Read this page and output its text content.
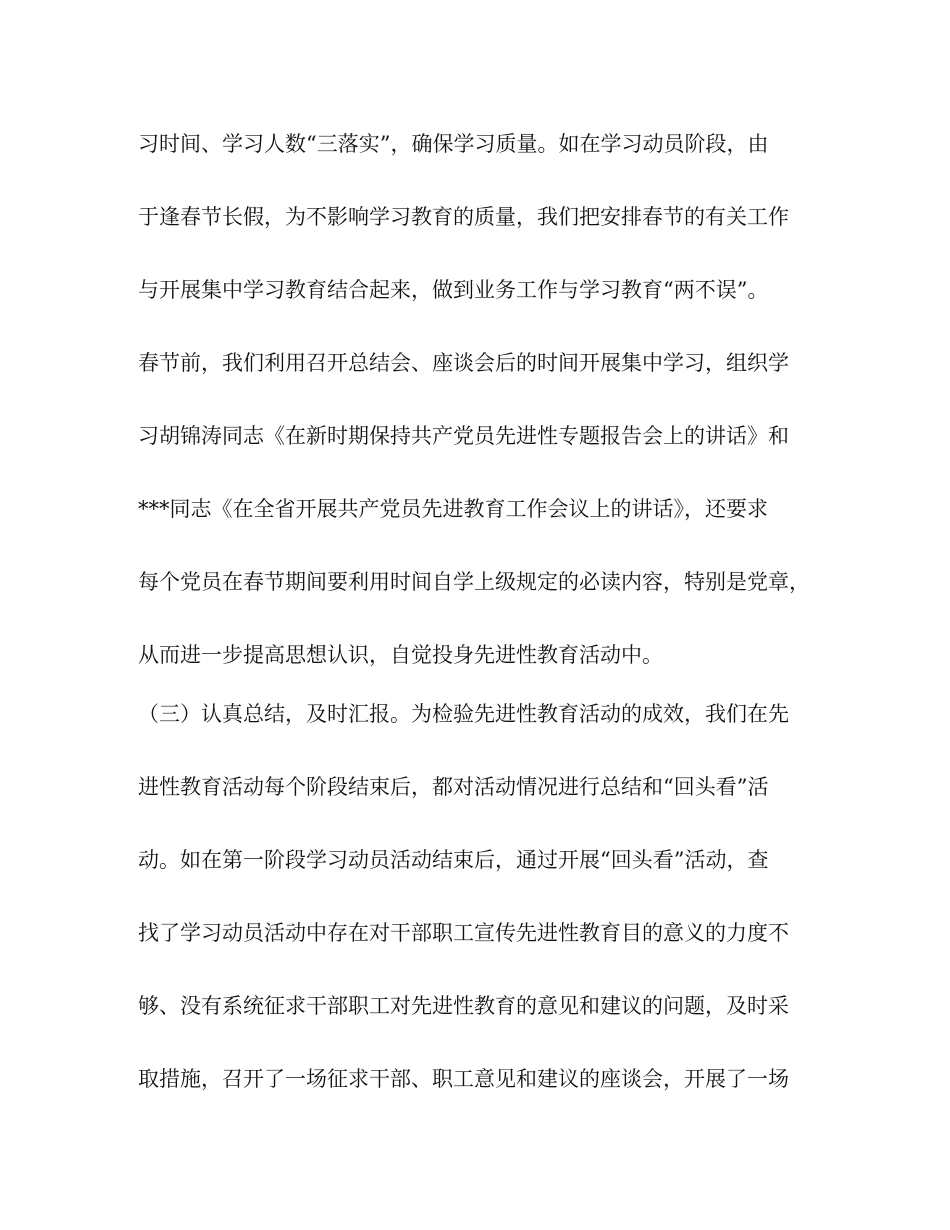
习时间、学习人数“三落实”，确保学习质量。如在学习动员阶段，由
于逢春节长假，为不影响学习教育的质量，我们把安排春节的有关工作
与开展集中学习教育结合起来，做到业务工作与学习教育“两不误”。
春节前，我们利用召开总结会、座谈会后的时间开展集中学习，组织学
习胡锦涛同志《在新时期保持共产党员先进性专题报告会上的讲话》和
***同志《在全省开展共产党员先进教育工作会议上的讲话》，还要求
每个党员在春节期间要利用时间自学上级规定的必读内容，特别是党章，
从而进一步提高思想认识，自觉投身先进性教育活动中。
（三）认真总结，及时汇报。为检验先进性教育活动的成效，我们在先
进性教育活动每个阶段结束后，都对活动情况进行总结和“回头看”活
动。如在第一阶段学习动员活动结束后，通过开展“回头看”活动，查
找了学习动员活动中存在对干部职工宣传先进性教育目的意义的力度不
够、没有系统征求干部职工对先进性教育的意见和建议的问题，及时采
取措施，召开了一场征求干部、职工意见和建议的座谈会，开展了一场
